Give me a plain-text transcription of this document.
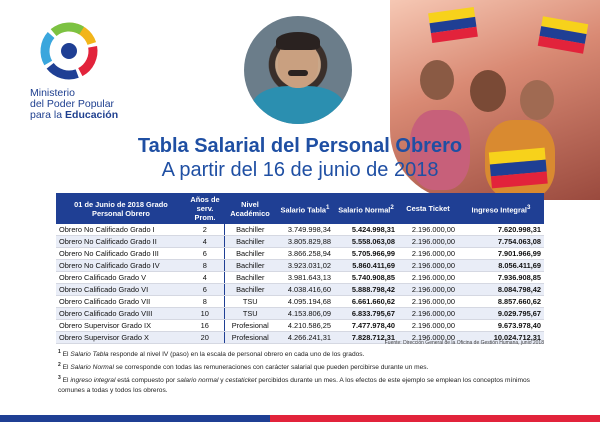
Ministerio
del Poder Popular
para la Educación
Tabla Salarial del Personal Obrero
A partir del 16 de junio de 2018
01 de Junio de 2018 Grado Personal Obrero	Años de serv. Prom.	Nivel Académico	Salario Tabla$^1$	Salario Normal$^2$	Cesta Ticket	Ingreso Integral$^3$
Obrero No Calificado Grado I	2	Bachiller	3.749.998,34	5.424.998,31	2.196.000,00	7.620.998,31
Obrero No Calificado Grado II	4	Bachiller	3.805.829,88	5.558.063,08	2.196.000,00	7.754.063,08
Obrero No Calificado Grado III	6	Bachiller	3.866.258,94	5.705.966,99	2.196.000,00	7.901.966,99
Obrero No Calificado Grado IV	8	Bachiller	3.923.031,02	5.860.411,69	2.196.000,00	8.056.411,69
Obrero Calificado Grado V	4	Bachiller	3.981.643,13	5.740.908,85	2.196.000,00	7.936.908,85
Obrero Calificado Grado VI	6	Bachiller	4.038.416,60	5.888.798,42	2.196.000,00	8.084.798,42
Obrero Calificado Grado VII	8	TSU	4.095.194,68	6.661.660,62	2.196.000,00	8.857.660,62
Obrero Calificado Grado VIII	10	TSU	4.153.806,09	6.833.795,67	2.196.000,00	9.029.795,67
Obrero Supervisor Grado IX	16	Profesional	4.210.586,25	7.477.978,40	2.196.000,00	9.673.978,40
Obrero Supervisor Grado X	20	Profesional	4.266.241,31	7.828.712,31	2.196.000,00	10.024.712,31
Fuente: Dirección General de la Oficina de Gestión Humana, junio 2018

$^1$ El Salario Tabla responde al nivel IV (paso) en la escala de personal obrero en cada uno de los grados.

$^2$ El Salario Normal se corresponde con todas las remuneraciones con carácter salarial que pueden percibirse durante un mes.

$^3$ El ingreso integral está compuesto por salario normal y cestaticket percibidos durante un mes. A los efectos de este ejemplo se emplean los conceptos mínimos comunes a todas y todos los obreros.
